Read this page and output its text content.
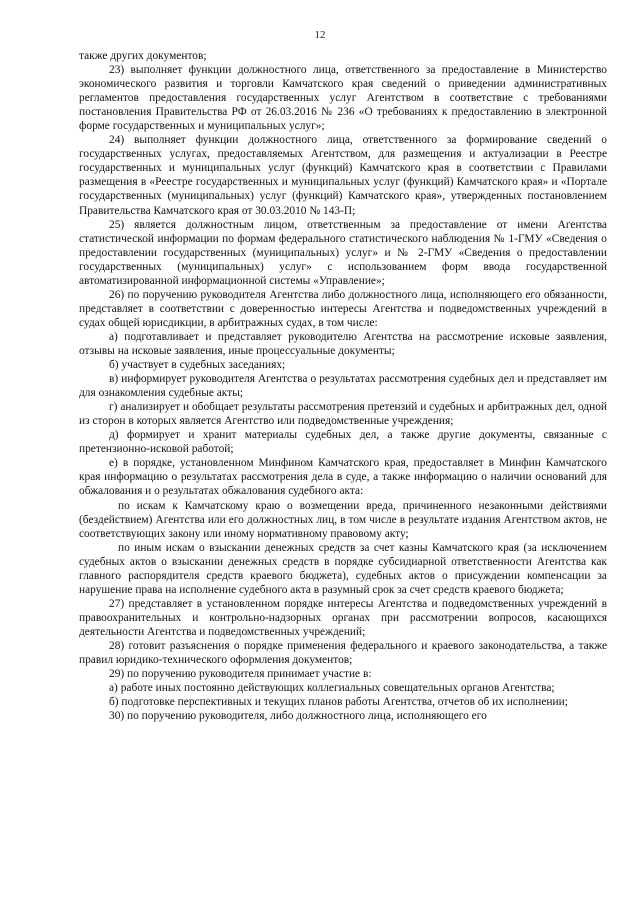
12

также других документов;

23) выполняет функции должностного лица, ответственного за предоставление в Министерство экономического развития и торговли Камчатского края сведений о приведении административных регламентов предоставления государственных услуг Агентством в соответствие с требованиями постановления Правительства РФ от 26.03.2016 № 236 «О требованиях к предоставлению в электронной форме государственных и муниципальных услуг»;

24) выполняет функции должностного лица, ответственного за формирование сведений о государственных услугах, предоставляемых Агентством, для размещения и актуализации в Реестре государственных и муниципальных услуг (функций) Камчатского края в соответствии с Правилами размещения в «Реестре государственных и муниципальных услуг (функций) Камчатского края» и «Портале государственных (муниципальных) услуг (функций) Камчатского края», утвержденных постановлением Правительства Камчатского края от 30.03.2010 № 143-П;

25) является должностным лицом, ответственным за предоставление от имени Агентства статистической информации по формам федерального статистического наблюдения № 1-ГМУ «Сведения о предоставлении государственных (муниципальных) услуг» и № 2-ГМУ «Сведения о предоставлении государственных (муниципальных) услуг» с использованием форм ввода государственной автоматизированной информационной системы «Управление»;

26) по поручению руководителя Агентства либо должностного лица, исполняющего его обязанности, представляет в соответствии с доверенностью интересы Агентства и подведомственных учреждений в судах общей юрисдикции, в арбитражных судах, в том числе:

а) подготавливает и представляет руководителю Агентства на рассмотрение исковые заявления, отзывы на исковые заявления, иные процессуальные документы;

б) участвует в судебных заседаниях;

в) информирует руководителя Агентства о результатах рассмотрения судебных дел и представляет им для ознакомления судебные акты;

г) анализирует и обобщает результаты рассмотрения претензий и судебных и арбитражных дел, одной из сторон в которых является Агентство или подведомственные учреждения;

д) формирует и хранит материалы судебных дел, а также другие документы, связанные с претензионно-исковой работой;

е) в порядке, установленном Минфином Камчатского края, предоставляет в Минфин Камчатского края информацию о результатах рассмотрения дела в суде, а также информацию о наличии оснований для обжалования и о результатах обжалования судебного акта:

по искам к Камчатскому краю о возмещении вреда, причиненного незаконными действиями (бездействием) Агентства или его должностных лиц, в том числе в результате издания Агентством актов, не соответствующих закону или иному нормативному правовому акту;

по иным искам о взыскании денежных средств за счет казны Камчатского края (за исключением судебных актов о взыскании денежных средств в порядке субсидиарной ответственности Агентства как главного распорядителя средств краевого бюджета), судебных актов о присуждении компенсации за нарушение права на исполнение судебного акта в разумный срок за счет средств краевого бюджета;

27) представляет в установленном порядке интересы Агентства и подведомственных учреждений в правоохранительных и контрольно-надзорных органах при рассмотрении вопросов, касающихся деятельности Агентства и подведомственных учреждений;

28) готовит разъяснения о порядке применения федерального и краевого законодательства, а также правил юридико-технического оформления документов;

29) по поручению руководителя принимает участие в:

а) работе иных постоянно действующих коллегиальных совещательных органов Агентства;

б) подготовке перспективных и текущих планов работы Агентства, отчетов об их исполнении;

30) по поручению руководителя, либо должностного лица, исполняющего его
